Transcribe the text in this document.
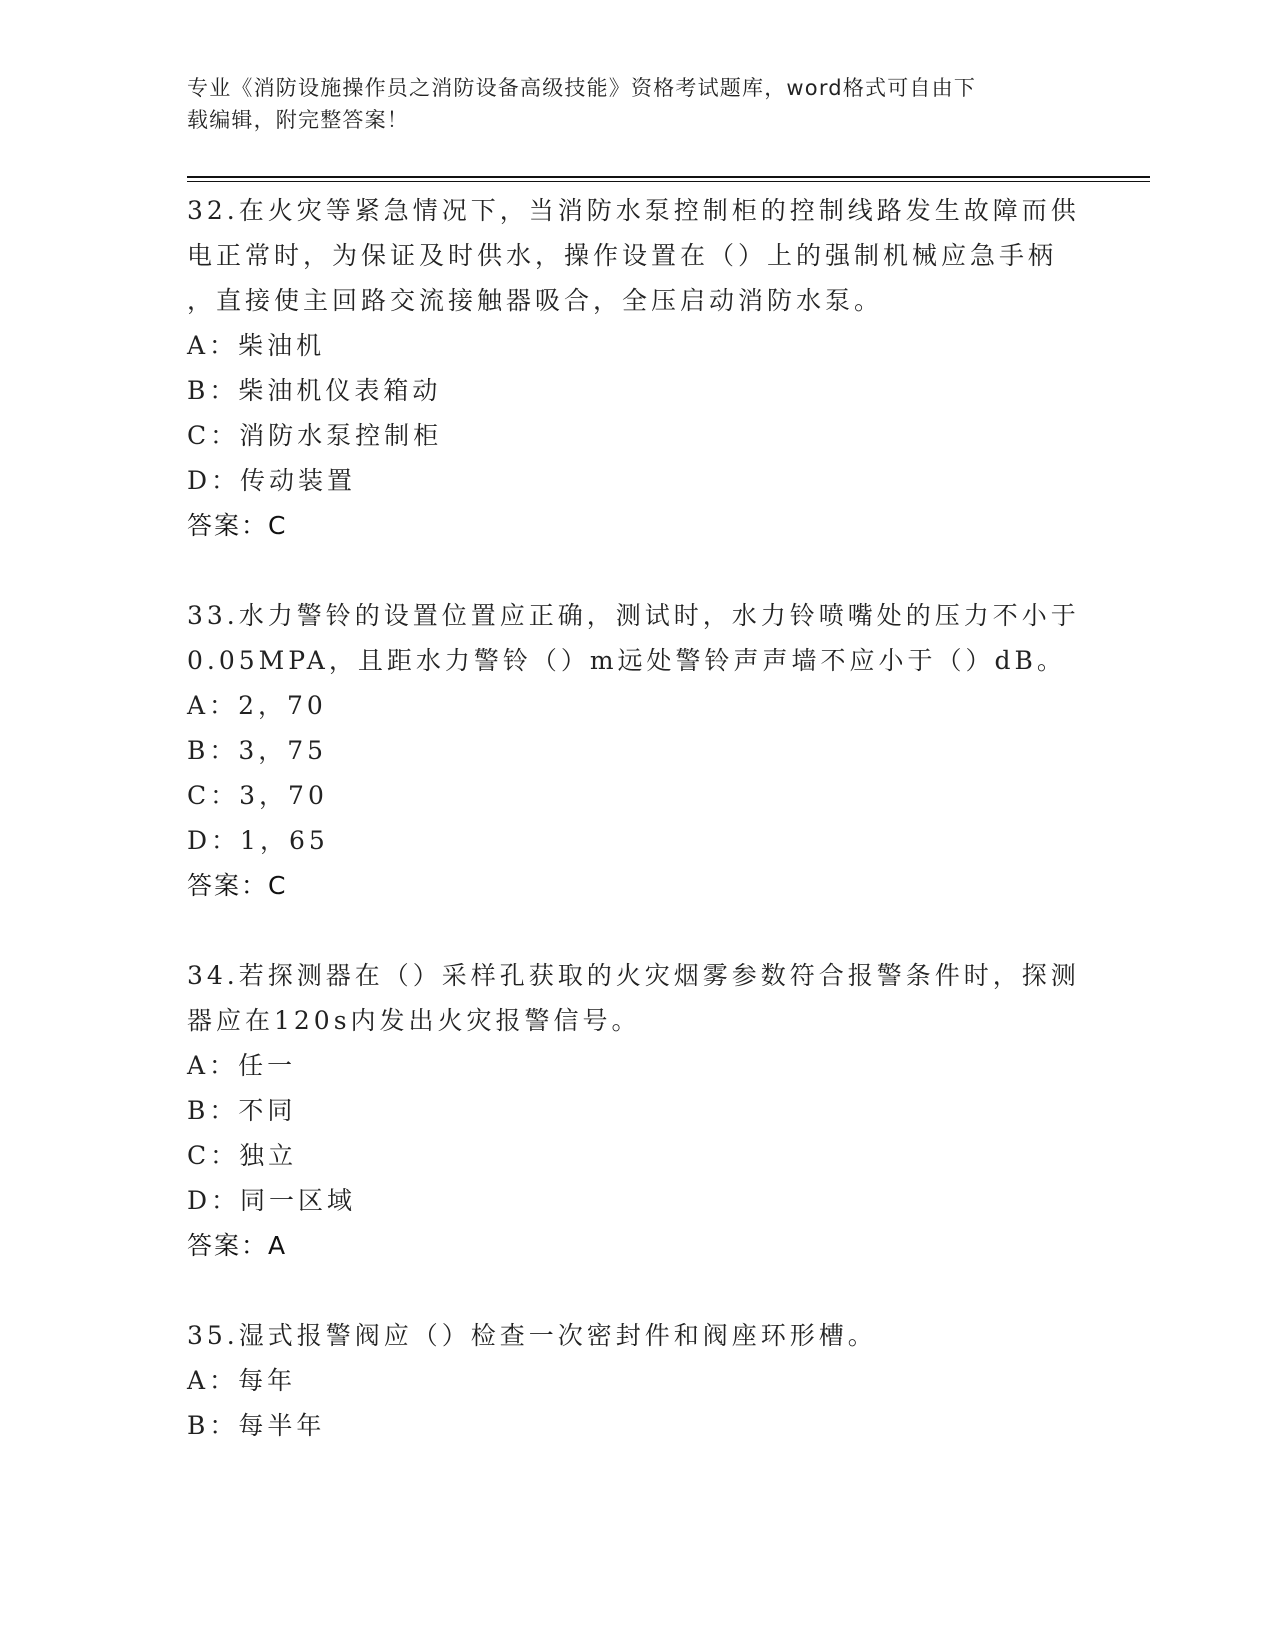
专业《消防设施操作员之消防设备高级技能》资格考试题库，word格式可自由下
载编辑，附完整答案！

32.在火灾等紧急情况下，当消防水泵控制柜的控制线路发生故障而供

电正常时，为保证及时供水，操作设置在（）上的强制机械应急手柄

，直接使主回路交流接触器吸合，全压启动消防水泵。

A：柴油机

B：柴油机仪表箱动

C：消防水泵控制柜

D：传动装置

答案：C

33.水力警铃的设置位置应正确，测试时，水力铃喷嘴处的压力不小于

0.05MPA，且距水力警铃（）m远处警铃声声墙不应小于（）dB。

A：2，70

B：3，75

C：3，70

D：1，65

答案：C

34.若探测器在（）采样孔获取的火灾烟雾参数符合报警条件时，探测

器应在120s内发出火灾报警信号。

A：任一

B：不同

C：独立

D：同一区域

答案：A

35.湿式报警阀应（）检查一次密封件和阀座环形槽。

A：每年

B：每半年
